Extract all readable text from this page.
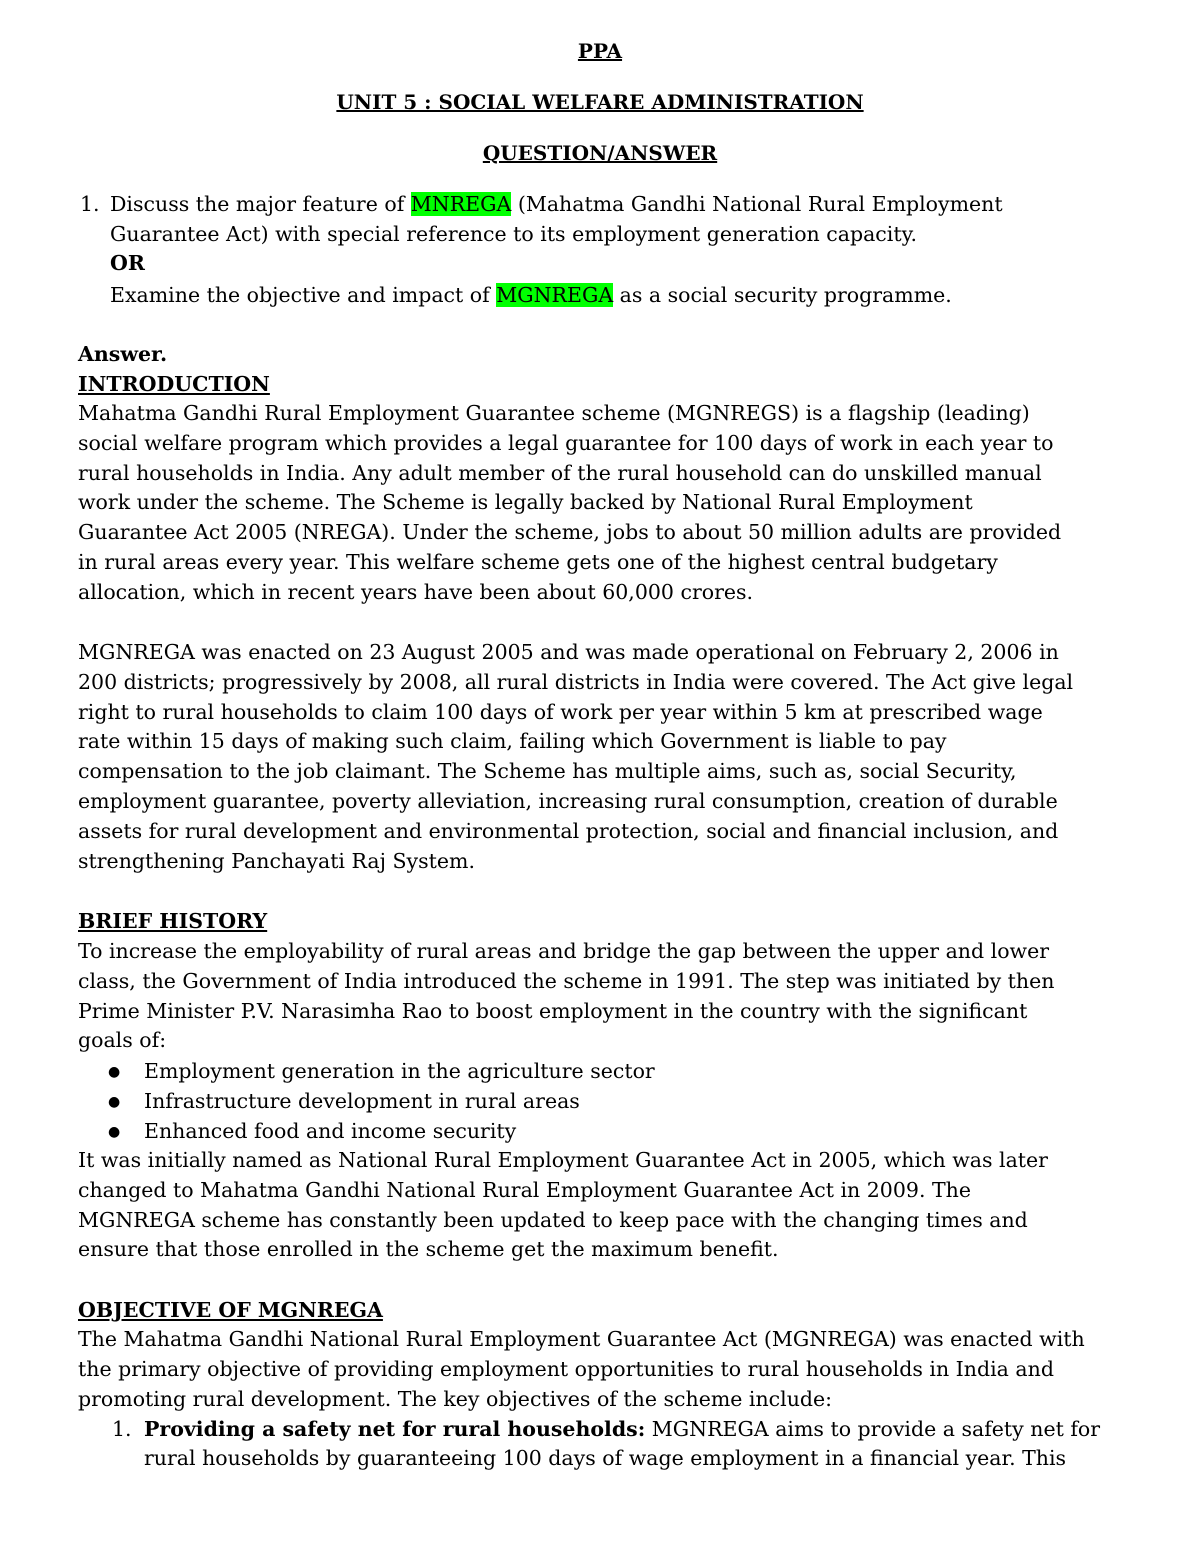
PPA
UNIT 5 : SOCIAL WELFARE ADMINISTRATION
QUESTION/ANSWER
1. Discuss the major feature of MNREGA (Mahatma Gandhi National Rural Employment
Guarantee Act) with special reference to its employment generation capacity.
OR
Examine the objective and impact of MGNREGA as a social security programme.
Answer.
INTRODUCTION
Mahatma Gandhi Rural Employment Guarantee scheme (MGNREGS) is a flagship (leading)
social welfare program which provides a legal guarantee for 100 days of work in each year to
rural households in India. Any adult member of the rural household can do unskilled manual
work under the scheme. The Scheme is legally backed by National Rural Employment
Guarantee Act 2005 (NREGA). Under the scheme, jobs to about 50 million adults are provided
in rural areas every year. This welfare scheme gets one of the highest central budgetary
allocation, which in recent years have been about 60,000 crores.
MGNREGA was enacted on 23 August 2005 and was made operational on February 2, 2006 in
200 districts; progressively by 2008, all rural districts in India were covered. The Act give legal
right to rural households to claim 100 days of work per year within 5 km at prescribed wage
rate within 15 days of making such claim, failing which Government is liable to pay
compensation to the job claimant. The Scheme has multiple aims, such as, social Security,
employment guarantee, poverty alleviation, increasing rural consumption, creation of durable
assets for rural development and environmental protection, social and financial inclusion, and
strengthening Panchayati Raj System.
BRIEF HISTORY
To increase the employability of rural areas and bridge the gap between the upper and lower
class, the Government of India introduced the scheme in 1991. The step was initiated by then
Prime Minister P.V. Narasimha Rao to boost employment in the country with the significant
goals of:
● Employment generation in the agriculture sector
● Infrastructure development in rural areas
● Enhanced food and income security
It was initially named as National Rural Employment Guarantee Act in 2005, which was later
changed to Mahatma Gandhi National Rural Employment Guarantee Act in 2009. The
MGNREGA scheme has constantly been updated to keep pace with the changing times and
ensure that those enrolled in the scheme get the maximum benefit.
OBJECTIVE OF MGNREGA
The Mahatma Gandhi National Rural Employment Guarantee Act (MGNREGA) was enacted with
the primary objective of providing employment opportunities to rural households in India and
promoting rural development. The key objectives of the scheme include:
1. Providing a safety net for rural households: MGNREGA aims to provide a safety net for
rural households by guaranteeing 100 days of wage employment in a financial year. This
